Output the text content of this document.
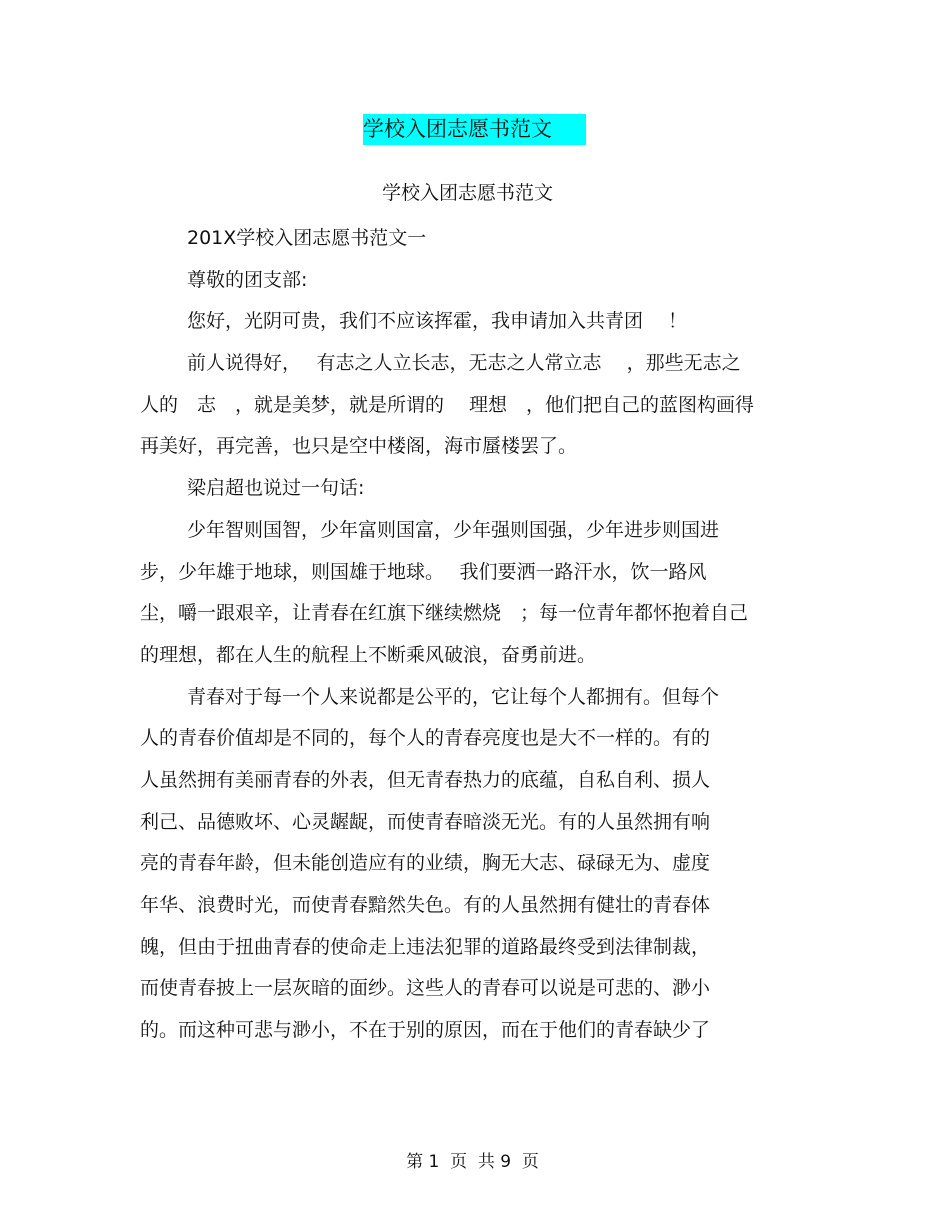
学校入团志愿书范文
学校入团志愿书范文
201X学校入团志愿书范文一
尊敬的团支部:
您好，光阴可贵，我们不应该挥霍，我申请加入共青团　 ！
前人说得好，　 有志之人立长志，无志之人常立志　 ，那些无志之
人的　志　，就是美梦，就是所谓的　 理想　，他们把自己的蓝图构画得
再美好，再完善，也只是空中楼阁，海市蜃楼罢了。
梁启超也说过一句话:
少年智则国智，少年富则国富，少年强则国强，少年进步则国进
步，少年雄于地球，则国雄于地球。　 我们要洒一路汗水，饮一路风
尘，嚼一跟艰辛，让青春在红旗下继续燃烧　；每一位青年都怀抱着自己
的理想，都在人生的航程上不断乘风破浪，奋勇前进。
青春对于每一个人来说都是公平的，它让每个人都拥有。但每个
人的青春价值却是不同的，每个人的青春亮度也是大不一样的。有的
人虽然拥有美丽青春的外表，但无青春热力的底蕴，自私自利、损人
利己、品德败坏、心灵龌龊，而使青春暗淡无光。有的人虽然拥有响
亮的青春年龄，但未能创造应有的业绩，胸无大志、碌碌无为、虚度
年华、浪费时光，而使青春黯然失色。有的人虽然拥有健壮的青春体
魄，但由于扭曲青春的使命走上违法犯罪的道路最终受到法律制裁，
而使青春披上一层灰暗的面纱。这些人的青春可以说是可悲的、渺小
的。而这种可悲与渺小，不在于别的原因，而在于他们的青春缺少了
第 1  页  共 9  页
